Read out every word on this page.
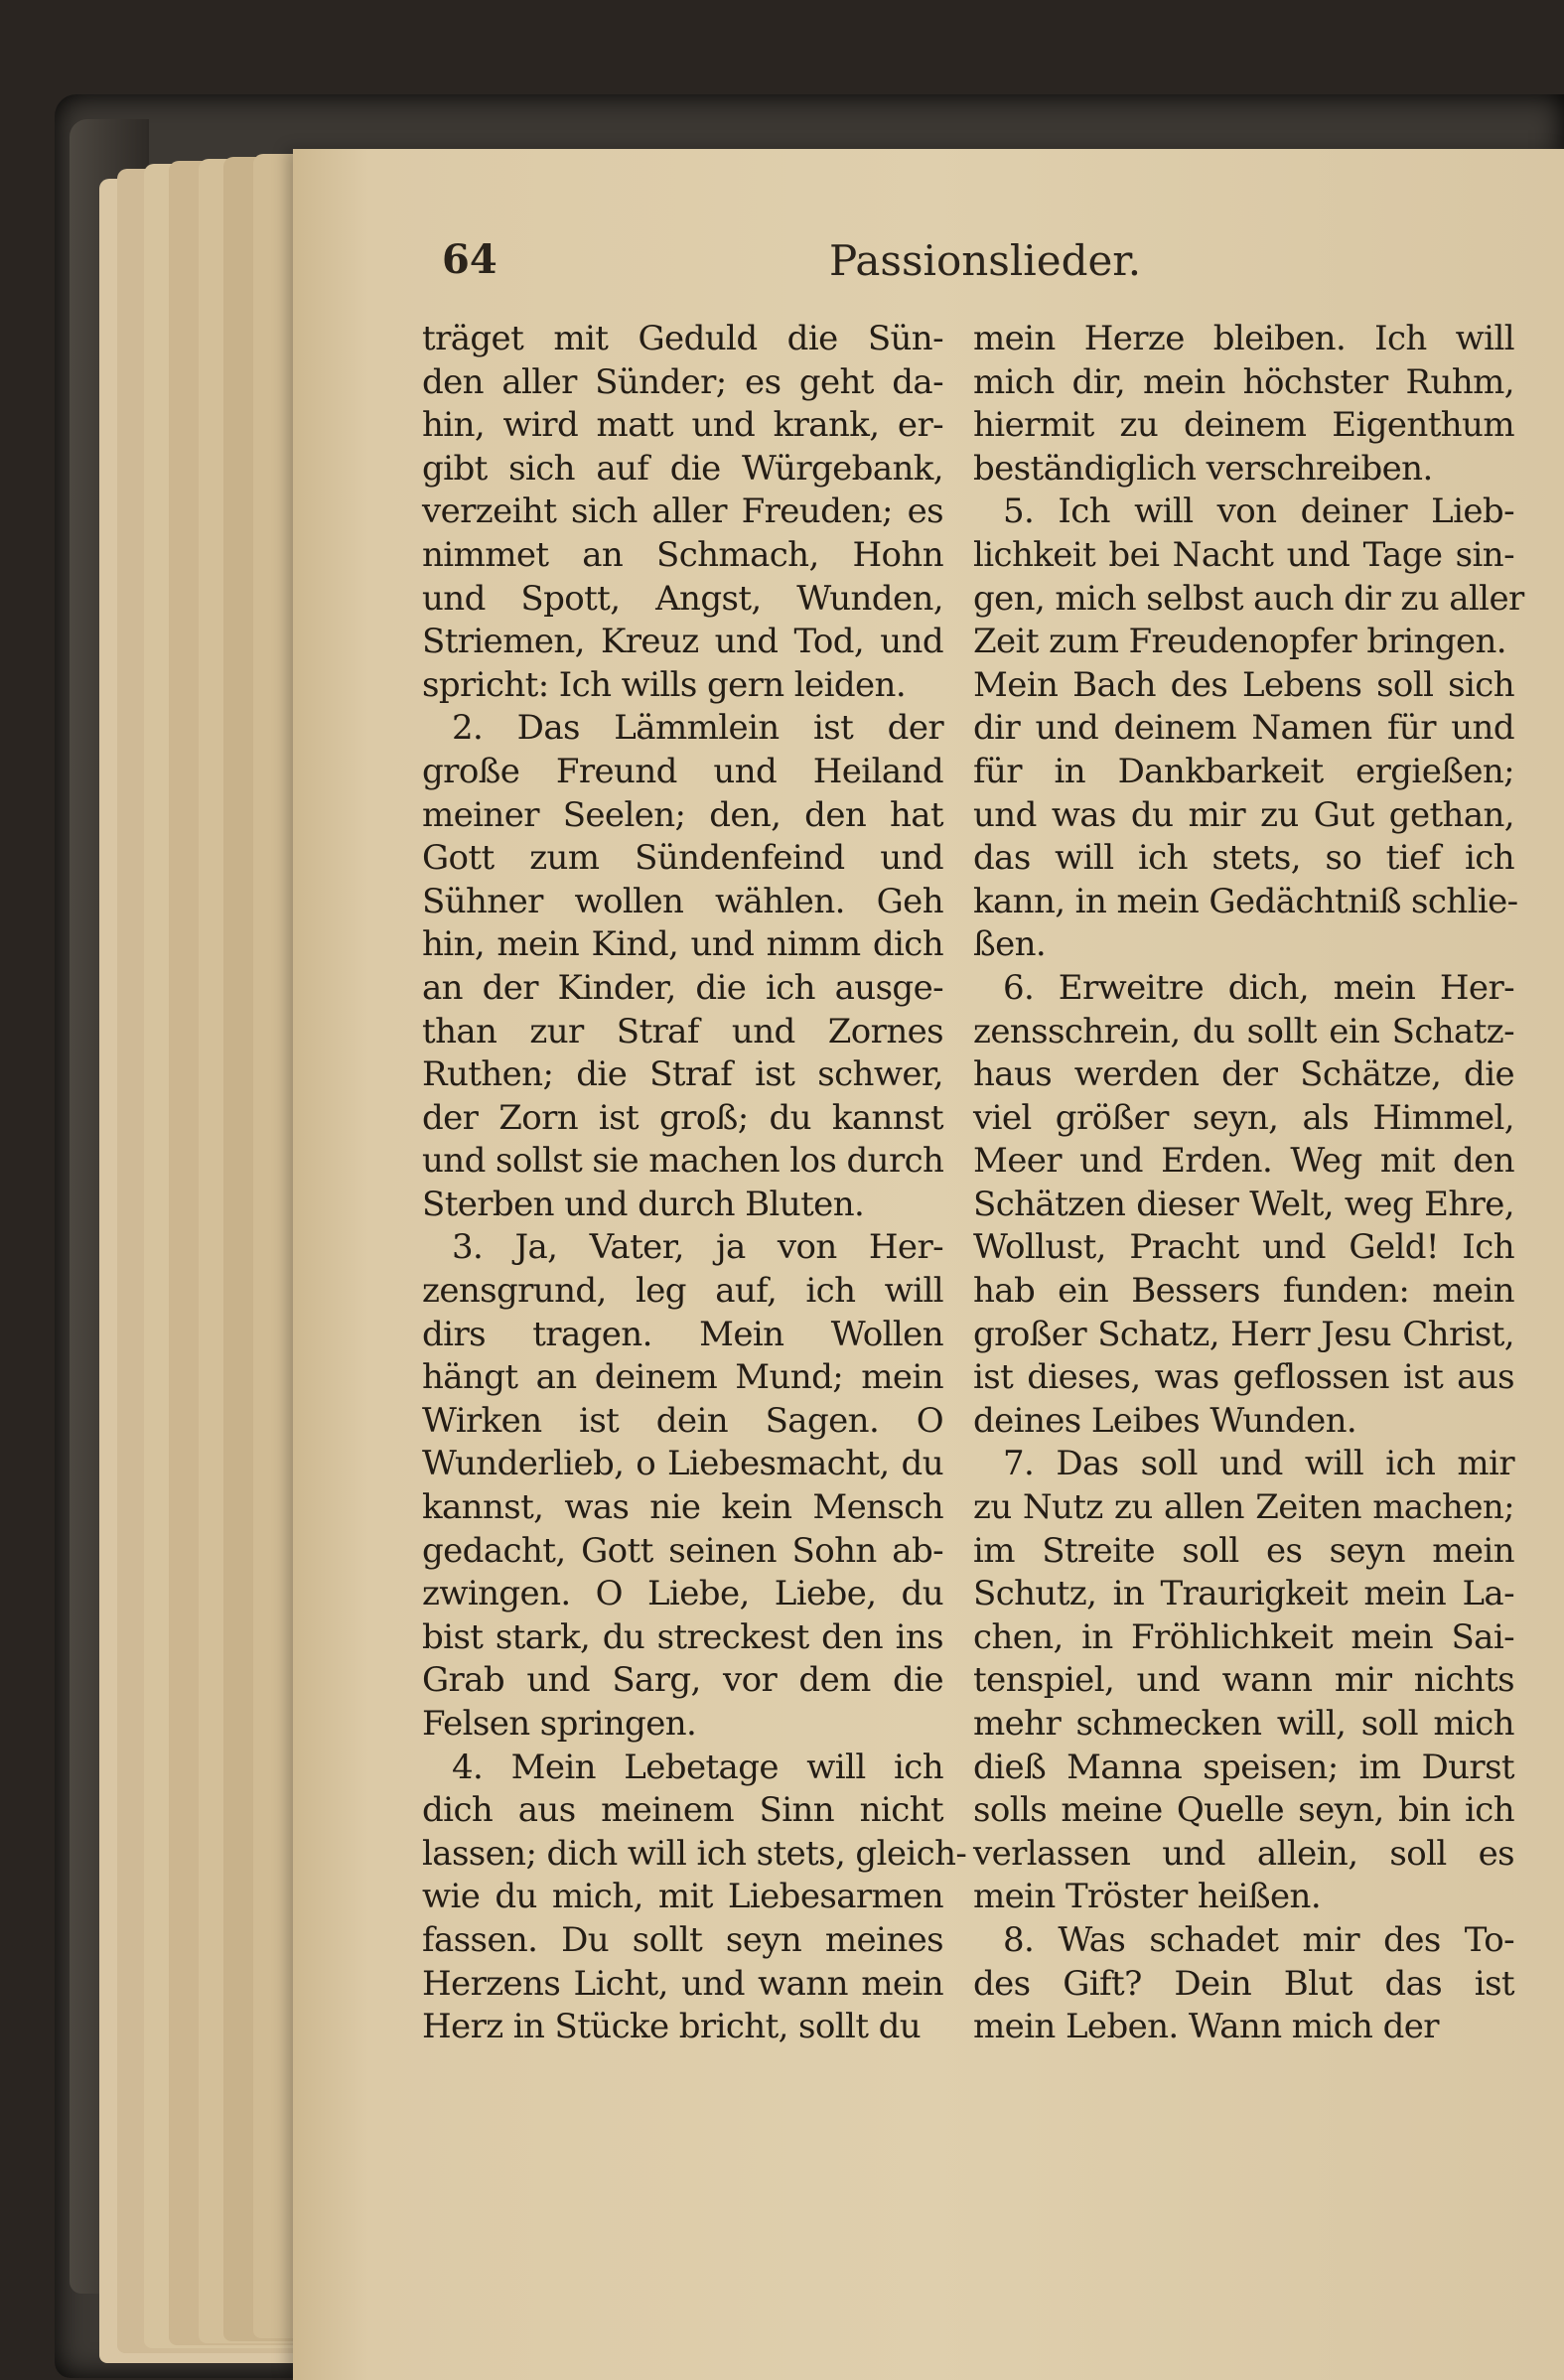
64	Passionslieder.
träget mit Geduld die Sün-
den aller Sünder; es geht da-
hin, wird matt und krank, er-
gibt sich auf die Würgebank,
verzeiht sich aller Freuden; es
nimmet an Schmach, Hohn
und Spott, Angst, Wunden,
Striemen, Kreuz und Tod, und
spricht: Ich wills gern leiden.
2. Das Lämmlein ist der
große Freund und Heiland
meiner Seelen; den, den hat
Gott zum Sündenfeind und
Sühner wollen wählen. Geh
hin, mein Kind, und nimm dich
an der Kinder, die ich ausge-
than zur Straf und Zornes
Ruthen; die Straf ist schwer,
der Zorn ist groß; du kannst
und sollst sie machen los durch
Sterben und durch Bluten.
3. Ja, Vater, ja von Her-
zensgrund, leg auf, ich will
dirs tragen. Mein Wollen
hängt an deinem Mund; mein
Wirken ist dein Sagen. O
Wunderlieb, o Liebesmacht, du
kannst, was nie kein Mensch
gedacht, Gott seinen Sohn ab-
zwingen. O Liebe, Liebe, du
bist stark, du streckest den ins
Grab und Sarg, vor dem die
Felsen springen.
4. Mein Lebetage will ich
dich aus meinem Sinn nicht
lassen; dich will ich stets, gleich-
wie du mich, mit Liebesarmen
fassen. Du sollt seyn meines
Herzens Licht, und wann mein
Herz in Stücke bricht, sollt du
mein Herze bleiben. Ich will
mich dir, mein höchster Ruhm,
hiermit zu deinem Eigenthum
beständiglich verschreiben.
5. Ich will von deiner Lieb-
lichkeit bei Nacht und Tage sin-
gen, mich selbst auch dir zu aller
Zeit zum Freudenopfer bringen.
Mein Bach des Lebens soll sich
dir und deinem Namen für und
für in Dankbarkeit ergießen;
und was du mir zu Gut gethan,
das will ich stets, so tief ich
kann, in mein Gedächtniß schlie-
ßen.
6. Erweitre dich, mein Her-
zensschrein, du sollt ein Schatz-
haus werden der Schätze, die
viel größer seyn, als Himmel,
Meer und Erden. Weg mit den
Schätzen dieser Welt, weg Ehre,
Wollust, Pracht und Geld! Ich
hab ein Bessers funden: mein
großer Schatz, Herr Jesu Christ,
ist dieses, was geflossen ist aus
deines Leibes Wunden.
7. Das soll und will ich mir
zu Nutz zu allen Zeiten machen;
im Streite soll es seyn mein
Schutz, in Traurigkeit mein La-
chen, in Fröhlichkeit mein Sai-
tenspiel, und wann mir nichts
mehr schmecken will, soll mich
dieß Manna speisen; im Durst
solls meine Quelle seyn, bin ich
verlassen und allein, soll es
mein Tröster heißen.
8. Was schadet mir des To-
des Gift? Dein Blut das ist
mein Leben. Wann mich der
